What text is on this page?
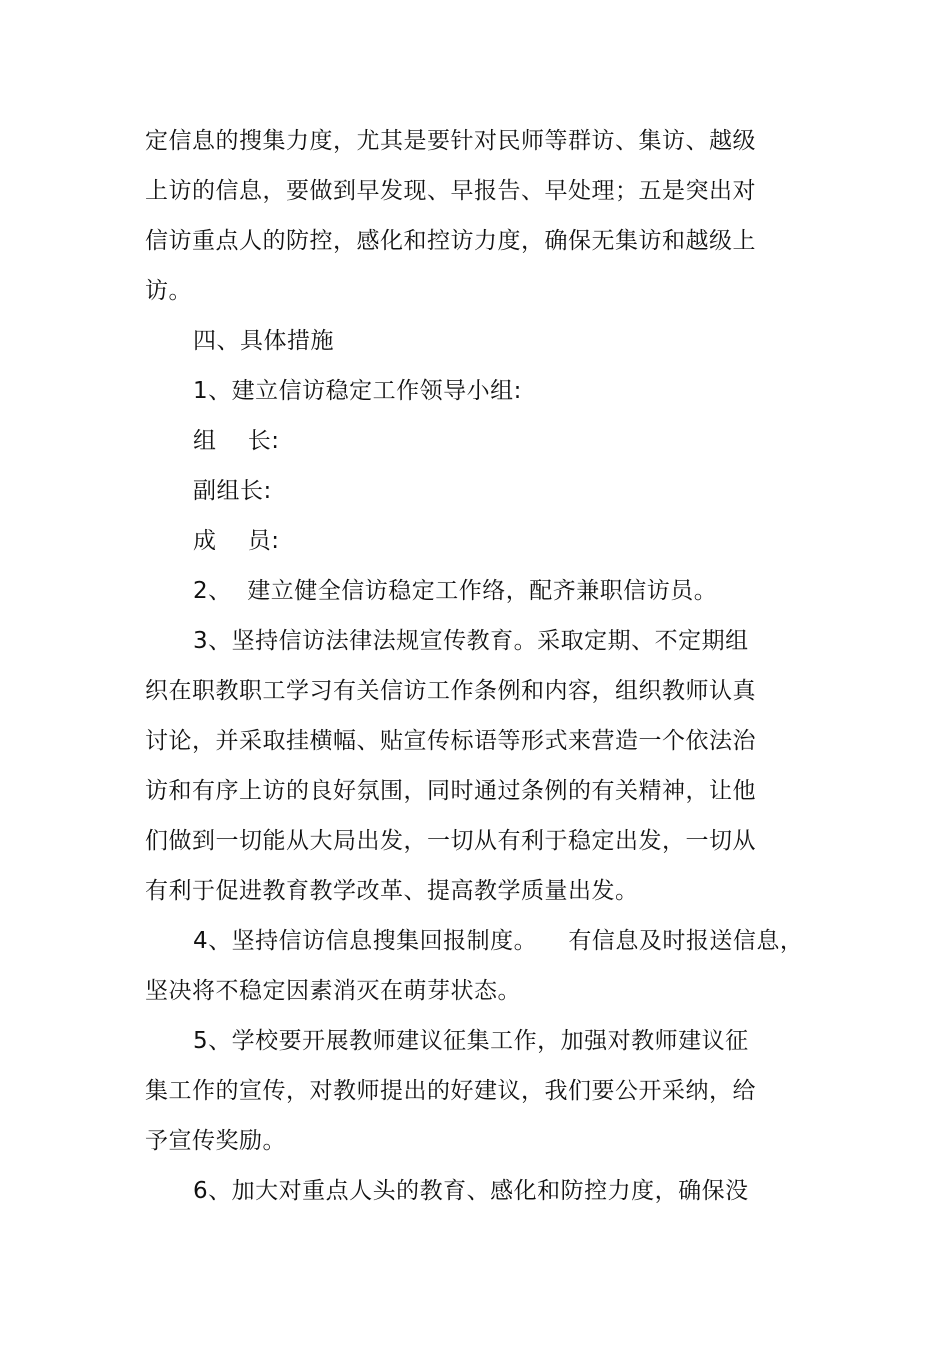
定信息的搜集力度，尤其是要针对民师等群访、集访、越级
上访的信息，要做到早发现、早报告、早处理；五是突出对
信访重点人的防控，感化和控访力度，确保无集访和越级上
访。
四、具体措施
1、建立信访稳定工作领导小组:
组    长:
副组长:
成    员:
2、  建立健全信访稳定工作络，配齐兼职信访员。
3、坚持信访法律法规宣传教育。采取定期、不定期组
织在职教职工学习有关信访工作条例和内容，组织教师认真
讨论，并采取挂横幅、贴宣传标语等形式来营造一个依法治
访和有序上访的良好氛围，同时通过条例的有关精神，让他
们做到一切能从大局出发，一切从有利于稳定出发，一切从
有利于促进教育教学改革、提高教学质量出发。
4、坚持信访信息搜集回报制度。    有信息及时报送信息，
坚决将不稳定因素消灭在萌芽状态。
5、学校要开展教师建议征集工作，加强对教师建议征
集工作的宣传，对教师提出的好建议，我们要公开采纳，给
予宣传奖励。
6、加大对重点人头的教育、感化和防控力度，确保没
